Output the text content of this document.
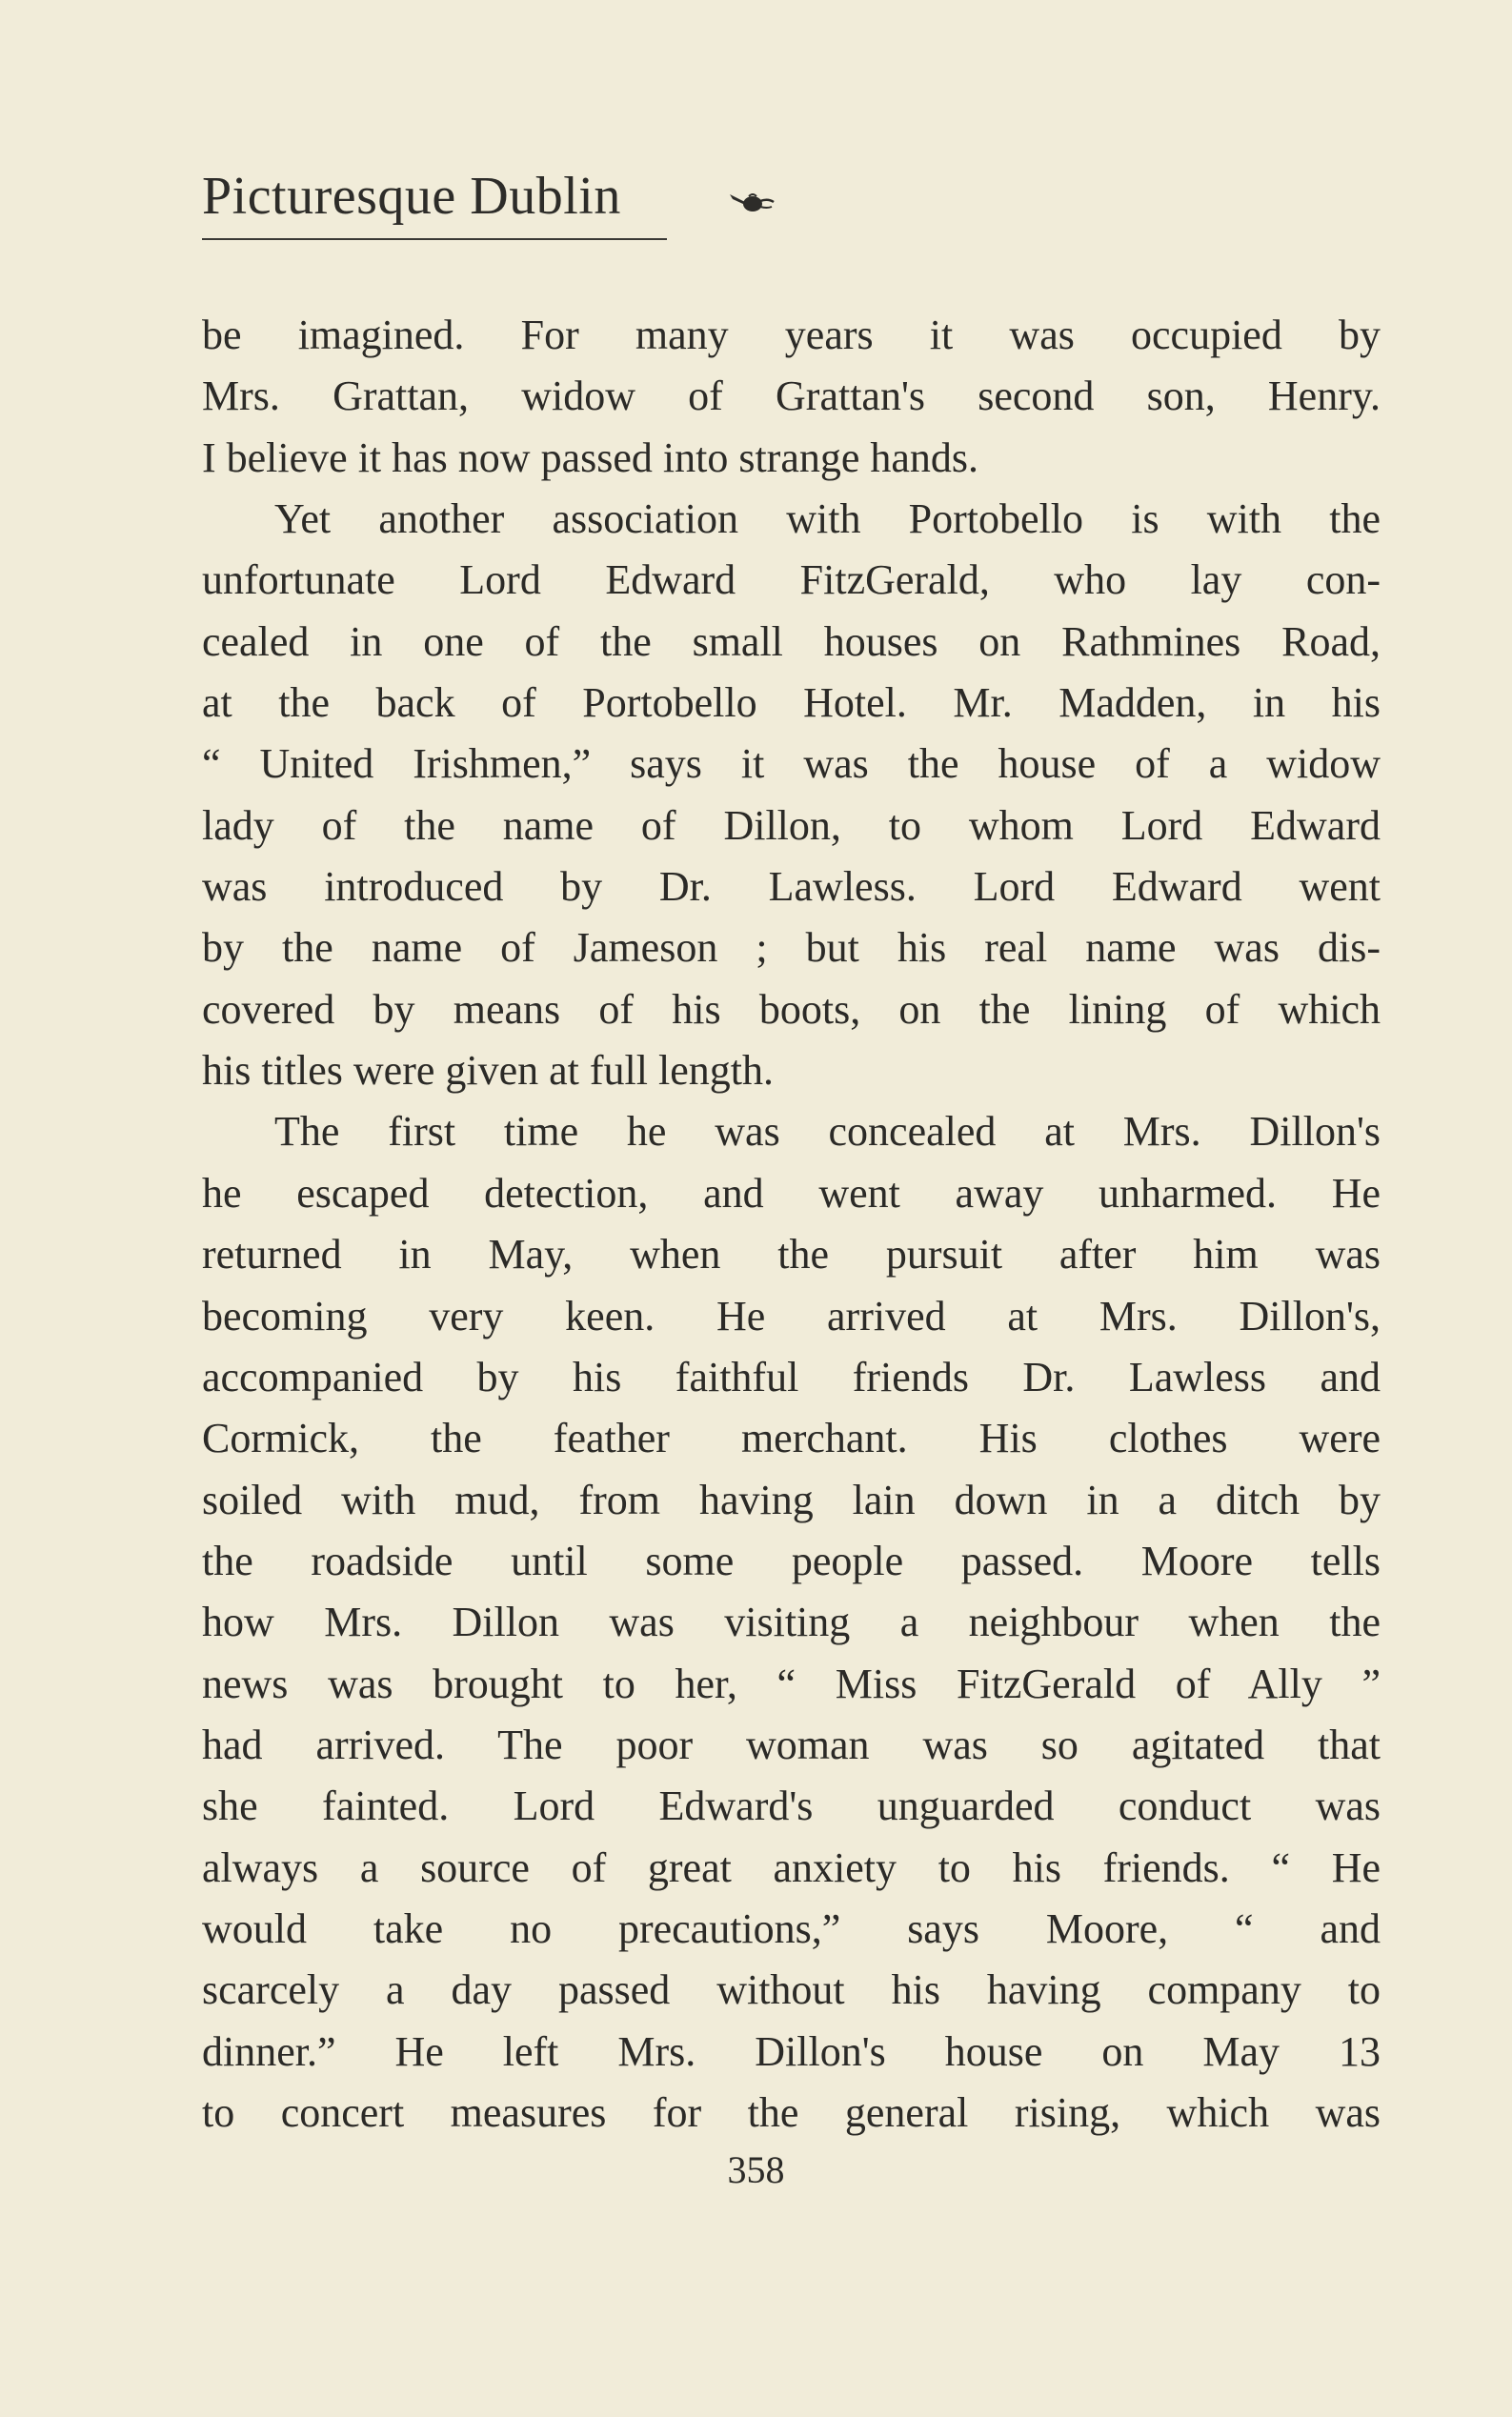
Picturesque Dublin
be imagined. For many years it was occupied by
Mrs. Grattan, widow of Grattan's second son, Henry.
I believe it has now passed into strange hands.
Yet another association with Portobello is with the
unfortunate Lord Edward FitzGerald, who lay con-
cealed in one of the small houses on Rathmines Road,
at the back of Portobello Hotel. Mr. Madden, in his
“ United Irishmen,” says it was the house of a widow
lady of the name of Dillon, to whom Lord Edward
was introduced by Dr. Lawless. Lord Edward went
by the name of Jameson ; but his real name was dis-
covered by means of his boots, on the lining of which
his titles were given at full length.
The first time he was concealed at Mrs. Dillon's
he escaped detection, and went away unharmed. He
returned in May, when the pursuit after him was
becoming very keen. He arrived at Mrs. Dillon's,
accompanied by his faithful friends Dr. Lawless and
Cormick, the feather merchant. His clothes were
soiled with mud, from having lain down in a ditch by
the roadside until some people passed. Moore tells
how Mrs. Dillon was visiting a neighbour when the
news was brought to her, “ Miss FitzGerald of Ally ”
had arrived. The poor woman was so agitated that
she fainted. Lord Edward's unguarded conduct was
always a source of great anxiety to his friends. “ He
would take no precautions,” says Moore, “ and
scarcely a day passed without his having company to
dinner.” He left Mrs. Dillon's house on May 13
to concert measures for the general rising, which was
358
